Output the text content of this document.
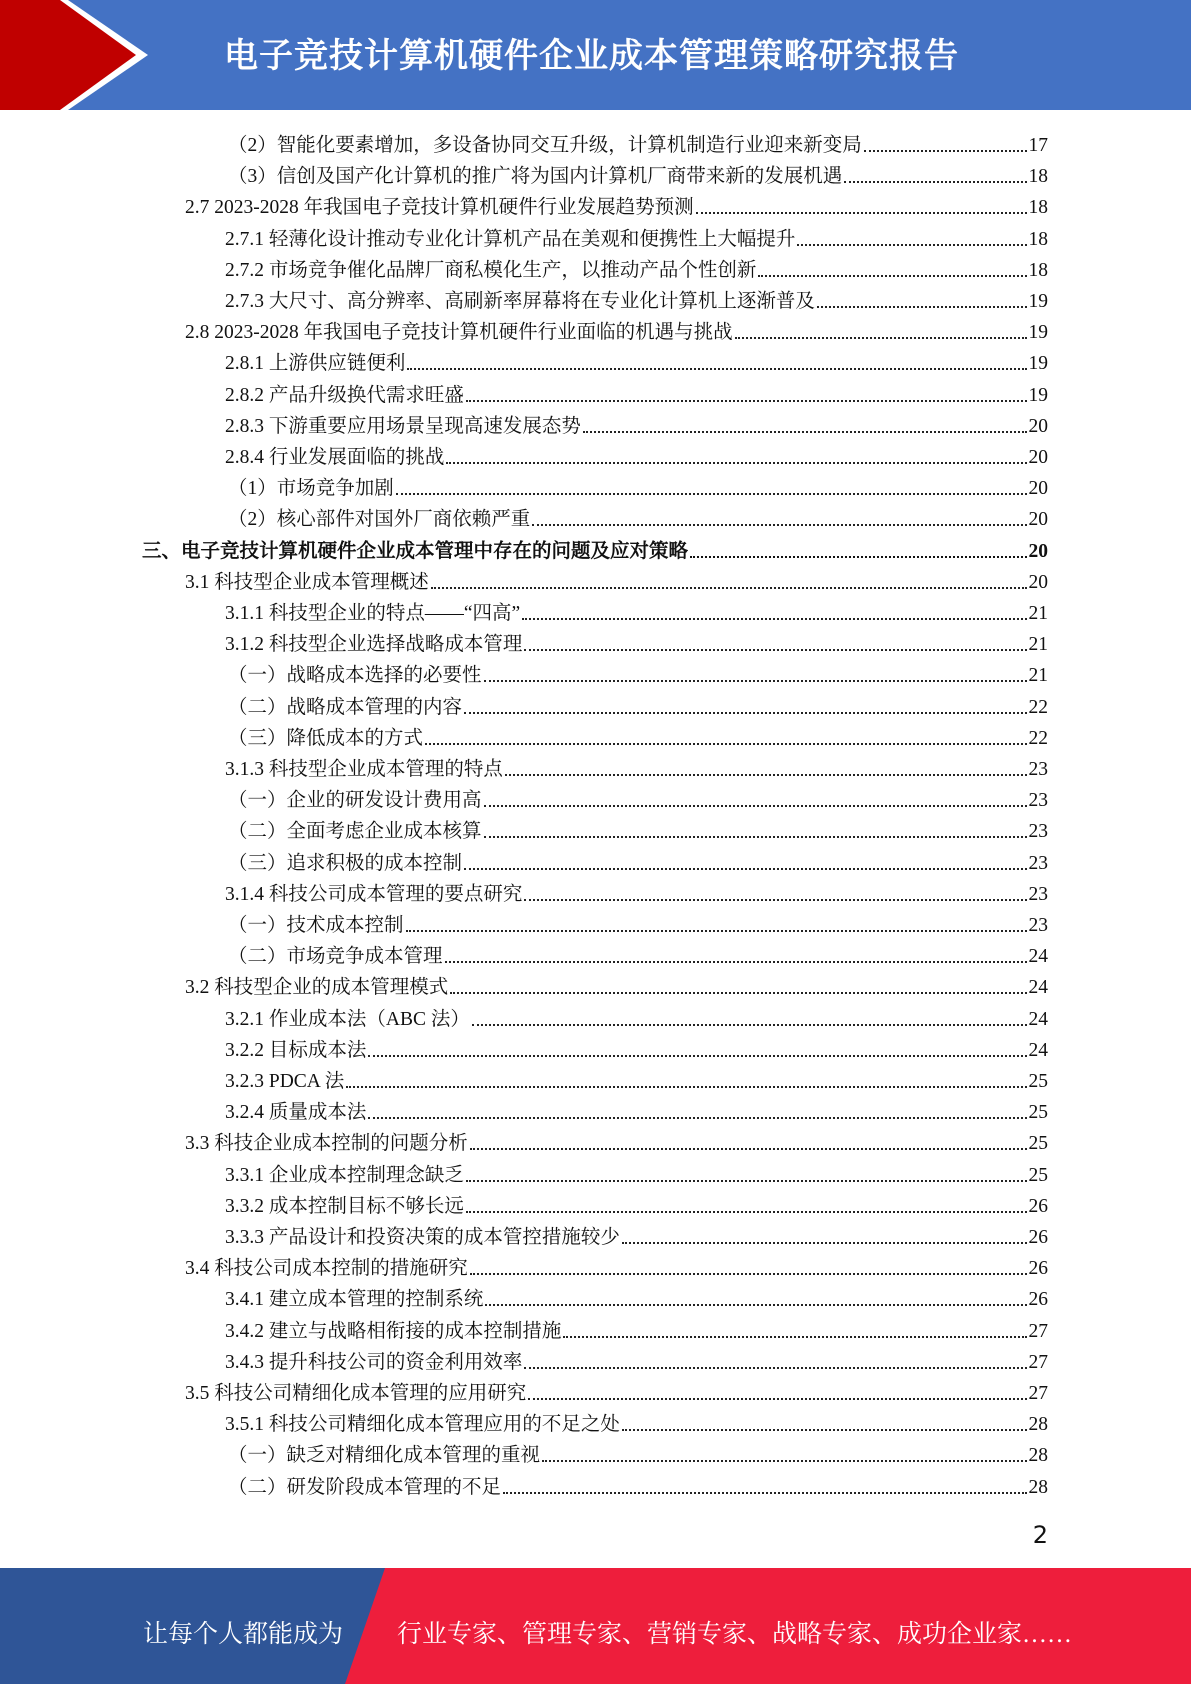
电子竞技计算机硬件企业成本管理策略研究报告
（2）智能化要素增加，多设备协同交互升级，计算机制造行业迎来新变局	17
（3）信创及国产化计算机的推广将为国内计算机厂商带来新的发展机遇	18
2.7 2023-2028 年我国电子竞技计算机硬件行业发展趋势预测	18
2.7.1 轻薄化设计推动专业化计算机产品在美观和便携性上大幅提升	18
2.7.2 市场竞争催化品牌厂商私模化生产，以推动产品个性创新	18
2.7.3 大尺寸、高分辨率、高刷新率屏幕将在专业化计算机上逐渐普及	19
2.8 2023-2028 年我国电子竞技计算机硬件行业面临的机遇与挑战	19
2.8.1 上游供应链便利	19
2.8.2 产品升级换代需求旺盛	19
2.8.3 下游重要应用场景呈现高速发展态势	20
2.8.4 行业发展面临的挑战	20
（1）市场竞争加剧	20
（2）核心部件对国外厂商依赖严重	20
三、电子竞技计算机硬件企业成本管理中存在的问题及应对策略	20
3.1 科技型企业成本管理概述	20
3.1.1 科技型企业的特点——“四高”	21
3.1.2 科技型企业选择战略成本管理	21
（一）战略成本选择的必要性	21
（二）战略成本管理的内容	22
（三）降低成本的方式	22
3.1.3 科技型企业成本管理的特点	23
（一）企业的研发设计费用高	23
（二）全面考虑企业成本核算	23
（三）追求积极的成本控制	23
3.1.4 科技公司成本管理的要点研究	23
（一）技术成本控制	23
（二）市场竞争成本管理	24
3.2 科技型企业的成本管理模式	24
3.2.1 作业成本法（ABC 法）	24
3.2.2 目标成本法	24
3.2.3 PDCA 法	25
3.2.4 质量成本法	25
3.3 科技企业成本控制的问题分析	25
3.3.1 企业成本控制理念缺乏	25
3.3.2 成本控制目标不够长远	26
3.3.3 产品设计和投资决策的成本管控措施较少	26
3.4 科技公司成本控制的措施研究	26
3.4.1 建立成本管理的控制系统	26
3.4.2 建立与战略相衔接的成本控制措施	27
3.4.3 提升科技公司的资金利用效率	27
3.5 科技公司精细化成本管理的应用研究	27
3.5.1 科技公司精细化成本管理应用的不足之处	28
（一）缺乏对精细化成本管理的重视	28
（二）研发阶段成本管理的不足	28
2
让每个人都能成为 行业专家、管理专家、营销专家、战略专家、成功企业家……
